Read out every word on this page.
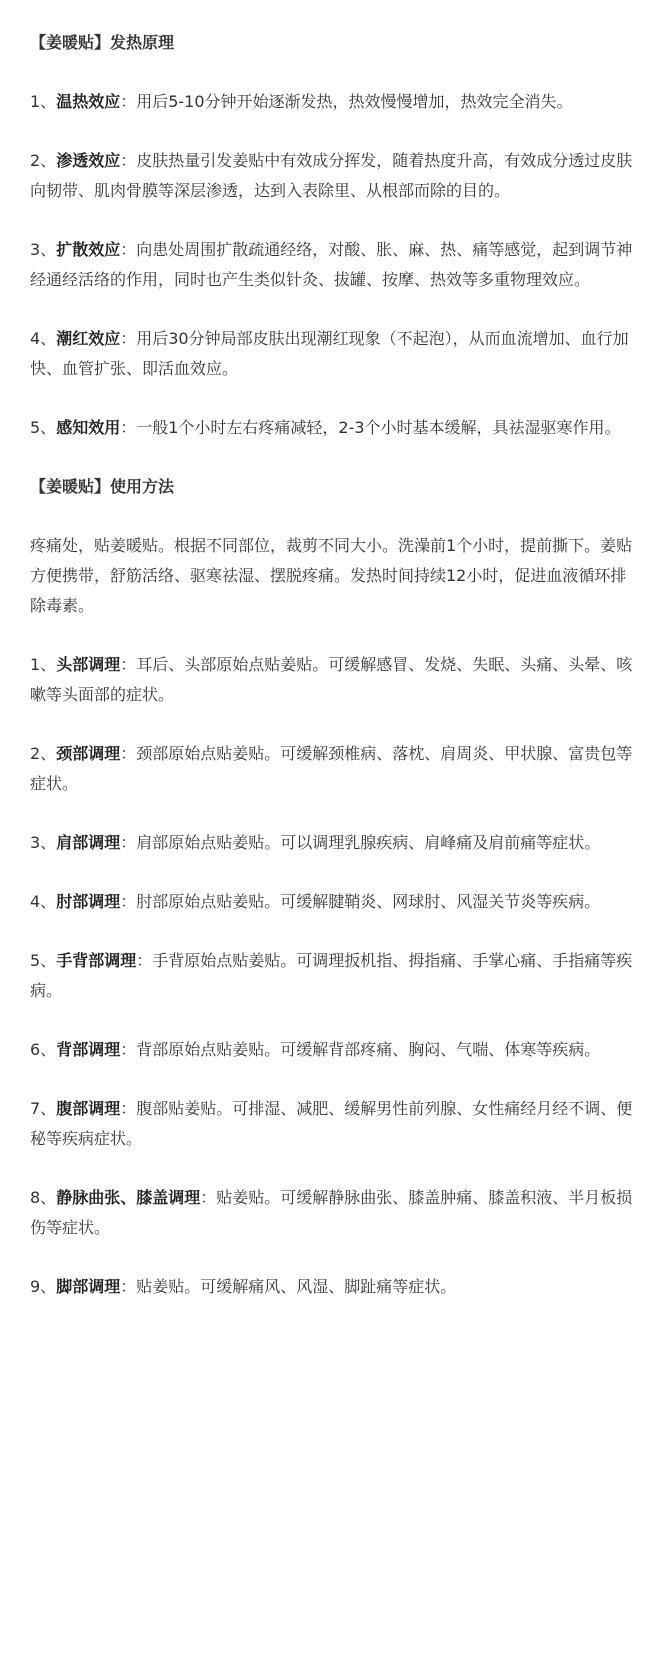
【姜暖贴】发热原理

1、温热效应：用后5-10分钟开始逐渐发热，热效慢慢增加，热效完全消失。

2、渗透效应：皮肤热量引发姜贴中有效成分挥发，随着热度升高，有效成分透过皮肤向韧带、肌肉骨膜等深层渗透，达到入表除里、从根部而除的目的。

3、扩散效应：向患处周围扩散疏通经络，对酸、胀、麻、热、痛等感觉，起到调节神经通经活络的作用，同时也产生类似针灸、拔罐、按摩、热效等多重物理效应。

4、潮红效应：用后30分钟局部皮肤出现潮红现象（不起泡），从而血流增加、血行加快、血管扩张、即活血效应。

5、感知效用：一般1个小时左右疼痛减轻，2-3个小时基本缓解，具祛湿驱寒作用。

【姜暖贴】使用方法

疼痛处，贴姜暖贴。根据不同部位，裁剪不同大小。洗澡前1个小时，提前撕下。姜贴方便携带，舒筋活络、驱寒祛湿、摆脱疼痛。发热时间持续12小时，促进血液循环排除毒素。

1、头部调理：耳后、头部原始点贴姜贴。可缓解感冒、发烧、失眠、头痛、头晕、咳嗽等头面部的症状。

2、颈部调理：颈部原始点贴姜贴。可缓解颈椎病、落枕、肩周炎、甲状腺、富贵包等症状。

3、肩部调理：肩部原始点贴姜贴。可以调理乳腺疾病、肩峰痛及肩前痛等症状。

4、肘部调理：肘部原始点贴姜贴。可缓解腱鞘炎、网球肘、风湿关节炎等疾病。

5、手背部调理：手背原始点贴姜贴。可调理扳机指、拇指痛、手掌心痛、手指痛等疾病。

6、背部调理：背部原始点贴姜贴。可缓解背部疼痛、胸闷、气喘、体寒等疾病。

7、腹部调理：腹部贴姜贴。可排湿、减肥、缓解男性前列腺、女性痛经月经不调、便秘等疾病症状。

8、静脉曲张、膝盖调理：贴姜贴。可缓解静脉曲张、膝盖肿痛、膝盖积液、半月板损伤等症状。

9、脚部调理：贴姜贴。可缓解痛风、风湿、脚趾痛等症状。
